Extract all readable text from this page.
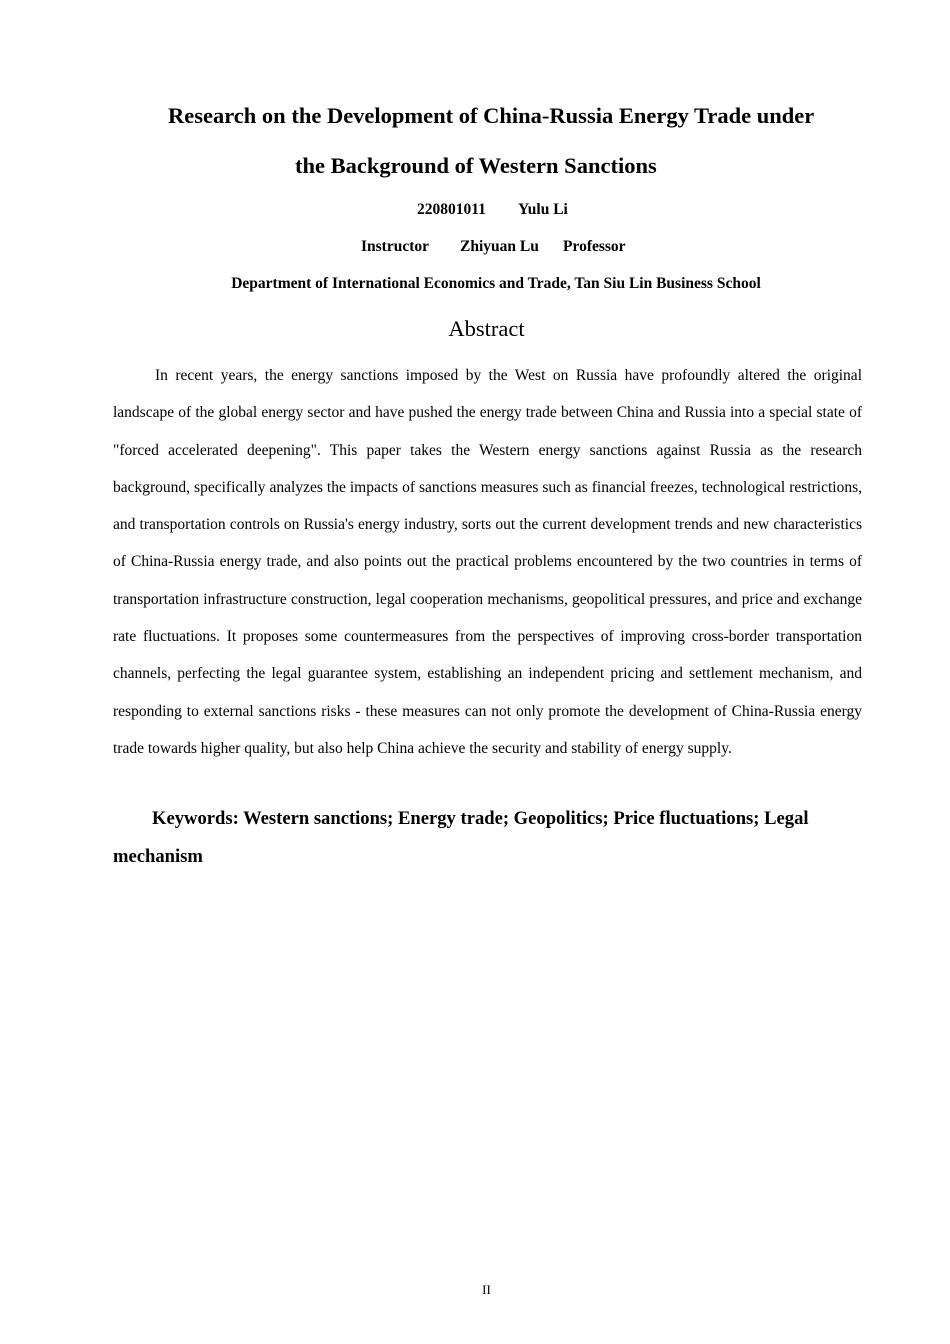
Research on the Development of China-Russia Energy Trade under
the Background of Western Sanctions
220801011 Yulu Li
Instructor Zhiyuan Lu Professor
Department of International Economics and Trade, Tan Siu Lin Business School
Abstract

In recent years, the energy sanctions imposed by the West on Russia have profoundly altered the original landscape of the global energy sector and have pushed the energy trade between China and Russia into a special state of "forced accelerated deepening". This paper takes the Western energy sanctions against Russia as the research background, specifically analyzes the impacts of sanctions measures such as financial freezes, technological restrictions, and transportation controls on Russia's energy industry, sorts out the current development trends and new characteristics of China-Russia energy trade, and also points out the practical problems encountered by the two countries in terms of transportation infrastructure construction, legal cooperation mechanisms, geopolitical pressures, and price and exchange rate fluctuations. It proposes some countermeasures from the perspectives of improving cross-border transportation channels, perfecting the legal guarantee system, establishing an independent pricing and settlement mechanism, and responding to external sanctions risks - these measures can not only promote the development of China-Russia energy trade towards higher quality, but also help China achieve the security and stability of energy supply.

Keywords: Western sanctions; Energy trade; Geopolitics; Price fluctuations; Legal mechanism

II
